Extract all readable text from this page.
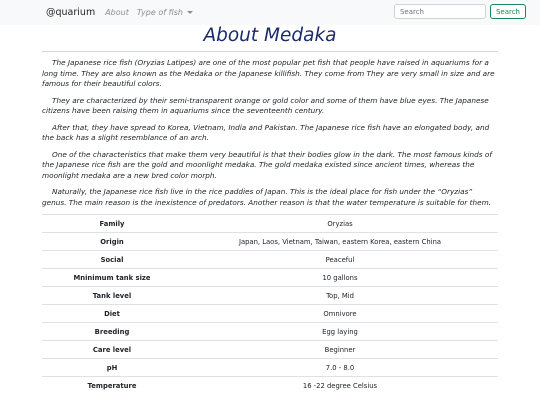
@quarium About Type of fish
Search	Search
About Medaka

The Japanese rice fish (Oryzias Latipes) are one of the most popular pet fish that people have raised in aquariums for a long time. They are also known as the Medaka or the Japanese killifish. They come from They are very small in size and are famous for their beautiful colors.

They are characterized by their semi-transparent orange or gold color and some of them have blue eyes. The Japanese citizens have been raising them in aquariums since the seventeenth century.

After that, they have spread to Korea, Vietnam, India and Pakistan. The Japanese rice fish have an elongated body, and the back has a slight resemblance of an arch.

One of the characteristics that make them very beautiful is that their bodies glow in the dark. The most famous kinds of the Japanese rice fish are the gold and moonlight medaka. The gold medaka existed since ancient times, whereas the moonlight medaka are a new bred color morph.

Naturally, the Japanese rice fish live in the rice paddies of Japan. This is the ideal place for fish under the “Oryzias” genus. The main reason is the inexistence of predators. Another reason is that the water temperature is suitable for them.

Family	Oryzias
Origin	Japan, Laos, Vietnam, Taiwan, eastern Korea, eastern China
Social	Peaceful
Mninimum tank size	10 gallons
Tank level	Top, Mid
Diet	Omnivore
Breeding	Egg laying
Care level	Beginner
pH	7.0 - 8.0
Temperature	16 -22 degree Celsius
